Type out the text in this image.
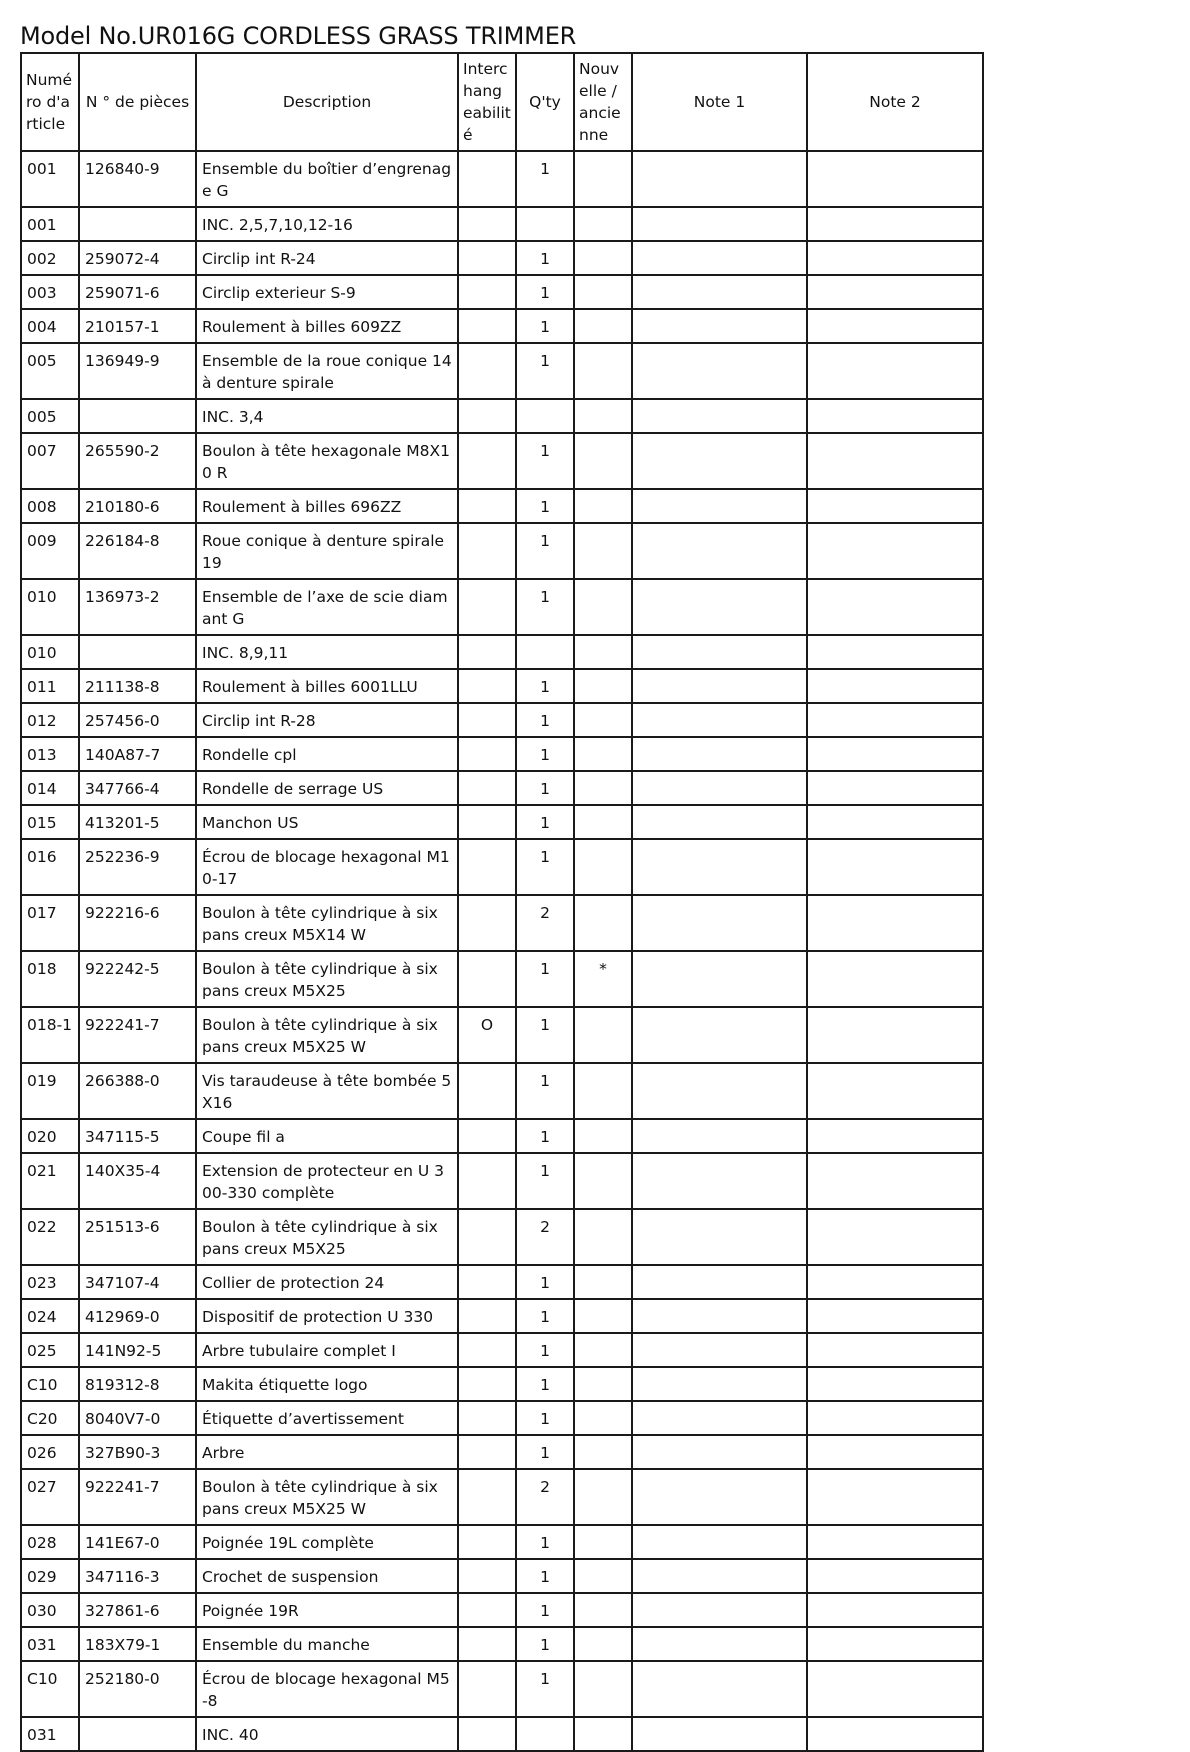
Model No.UR016G CORDLESS GRASS TRIMMER
Numéro d'article	N ° de pièces	Description	Interchangeabilité	Q'ty	Nouvelle / ancienne	Note 1	Note 2
001	126840-9	Ensemble du boîtier d’engrenage G		1			
001		INC. 2,5,7,10,12-16					
002	259072-4	Circlip int R-24		1			
003	259071-6	Circlip exterieur S-9		1			
004	210157-1	Roulement à billes 609ZZ		1			
005	136949-9	Ensemble de la roue conique 14 à denture spirale		1			
005		INC. 3,4					
007	265590-2	Boulon à tête hexagonale M8X10 R		1			
008	210180-6	Roulement à billes 696ZZ		1			
009	226184-8	Roue conique à denture spirale 19		1			
010	136973-2	Ensemble de l’axe de scie diamant G		1			
010		INC. 8,9,11					
011	211138-8	Roulement à billes 6001LLU		1			
012	257456-0	Circlip int R-28		1			
013	140A87-7	Rondelle cpl		1			
014	347766-4	Rondelle de serrage US		1			
015	413201-5	Manchon US		1			
016	252236-9	Écrou de blocage hexagonal M10-17		1			
017	922216-6	Boulon à tête cylindrique à six pans creux M5X14 W		2			
018	922242-5	Boulon à tête cylindrique à six pans creux M5X25		1	*		
018-1	922241-7	Boulon à tête cylindrique à six pans creux M5X25 W	O	1			
019	266388-0	Vis taraudeuse à tête bombée 5X16		1			
020	347115-5	Coupe fil a		1			
021	140X35-4	Extension de protecteur en U 300-330 complète		1			
022	251513-6	Boulon à tête cylindrique à six pans creux M5X25		2			
023	347107-4	Collier de protection 24		1			
024	412969-0	Dispositif de protection U 330		1			
025	141N92-5	Arbre tubulaire complet I		1			
C10	819312-8	Makita étiquette logo		1			
C20	8040V7-0	Étiquette d’avertissement		1			
026	327B90-3	Arbre		1			
027	922241-7	Boulon à tête cylindrique à six pans creux M5X25 W		2			
028	141E67-0	Poignée 19L complète		1			
029	347116-3	Crochet de suspension		1			
030	327861-6	Poignée 19R		1			
031	183X79-1	Ensemble du manche		1			
C10	252180-0	Écrou de blocage hexagonal M5-8		1			
031		INC. 40					
